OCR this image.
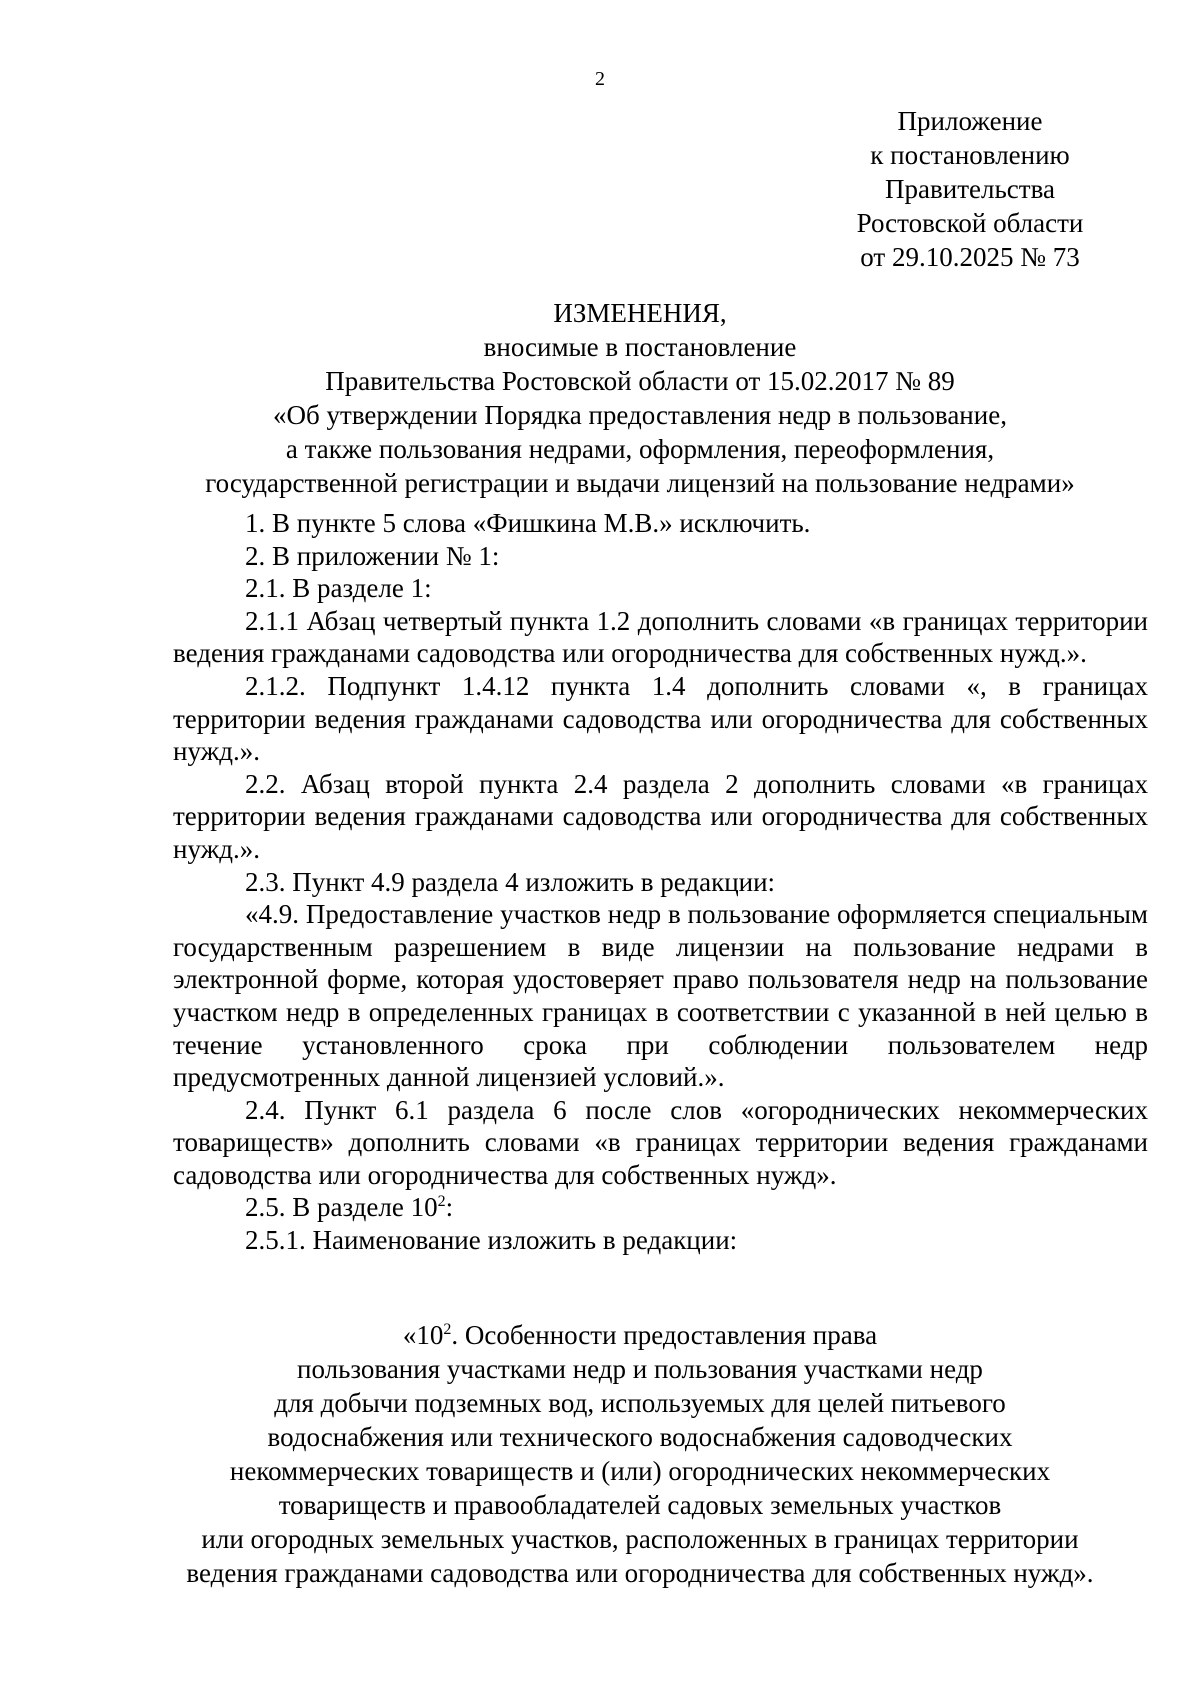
2
Приложение
к постановлению
Правительства
Ростовской области
от 29.10.2025 № 73
ИЗМЕНЕНИЯ,
вносимые в постановление
Правительства Ростовской области от 15.02.2017 № 89
«Об утверждении Порядка предоставления недр в пользование,
а также пользования недрами, оформления, переоформления,
государственной регистрации и выдачи лицензий на пользование недрами»

1. В пункте 5 слова «Фишкина М.В.» исключить.

2. В приложении № 1:

2.1. В разделе 1:

2.1.1 Абзац четвертый пункта 1.2 дополнить словами «в границах территории ведения гражданами садоводства или огородничества для собственных нужд.».

2.1.2. Подпункт 1.4.12 пункта 1.4 дополнить словами «, в границах территории ведения гражданами садоводства или огородничества для собственных нужд.».

2.2. Абзац второй пункта 2.4 раздела 2 дополнить словами «в границах территории ведения гражданами садоводства или огородничества для собственных нужд.».

2.3. Пункт 4.9 раздела 4 изложить в редакции:

«4.9. Предоставление участков недр в пользование оформляется специальным государственным разрешением в виде лицензии на пользование недрами в электронной форме, которая удостоверяет право пользователя недр на пользование участком недр в определенных границах в соответствии с указанной в ней целью в течение установленного срока при соблюдении пользователем недр предусмотренных данной лицензией условий.».

2.4. Пункт 6.1 раздела 6 после слов «огороднических некоммерческих товариществ» дополнить словами «в границах территории ведения гражданами садоводства или огородничества для собственных нужд».

2.5. В разделе $10^2$:

2.5.1. Наименование изложить в редакции:

«$10^2$. Особенности предоставления права
пользования участками недр и пользования участками недр
для добычи подземных вод, используемых для целей питьевого
водоснабжения или технического водоснабжения садоводческих
некоммерческих товариществ и (или) огороднических некоммерческих
товариществ и правообладателей садовых земельных участков
или огородных земельных участков, расположенных в границах территории
ведения гражданами садоводства или огородничества для собственных нужд».
